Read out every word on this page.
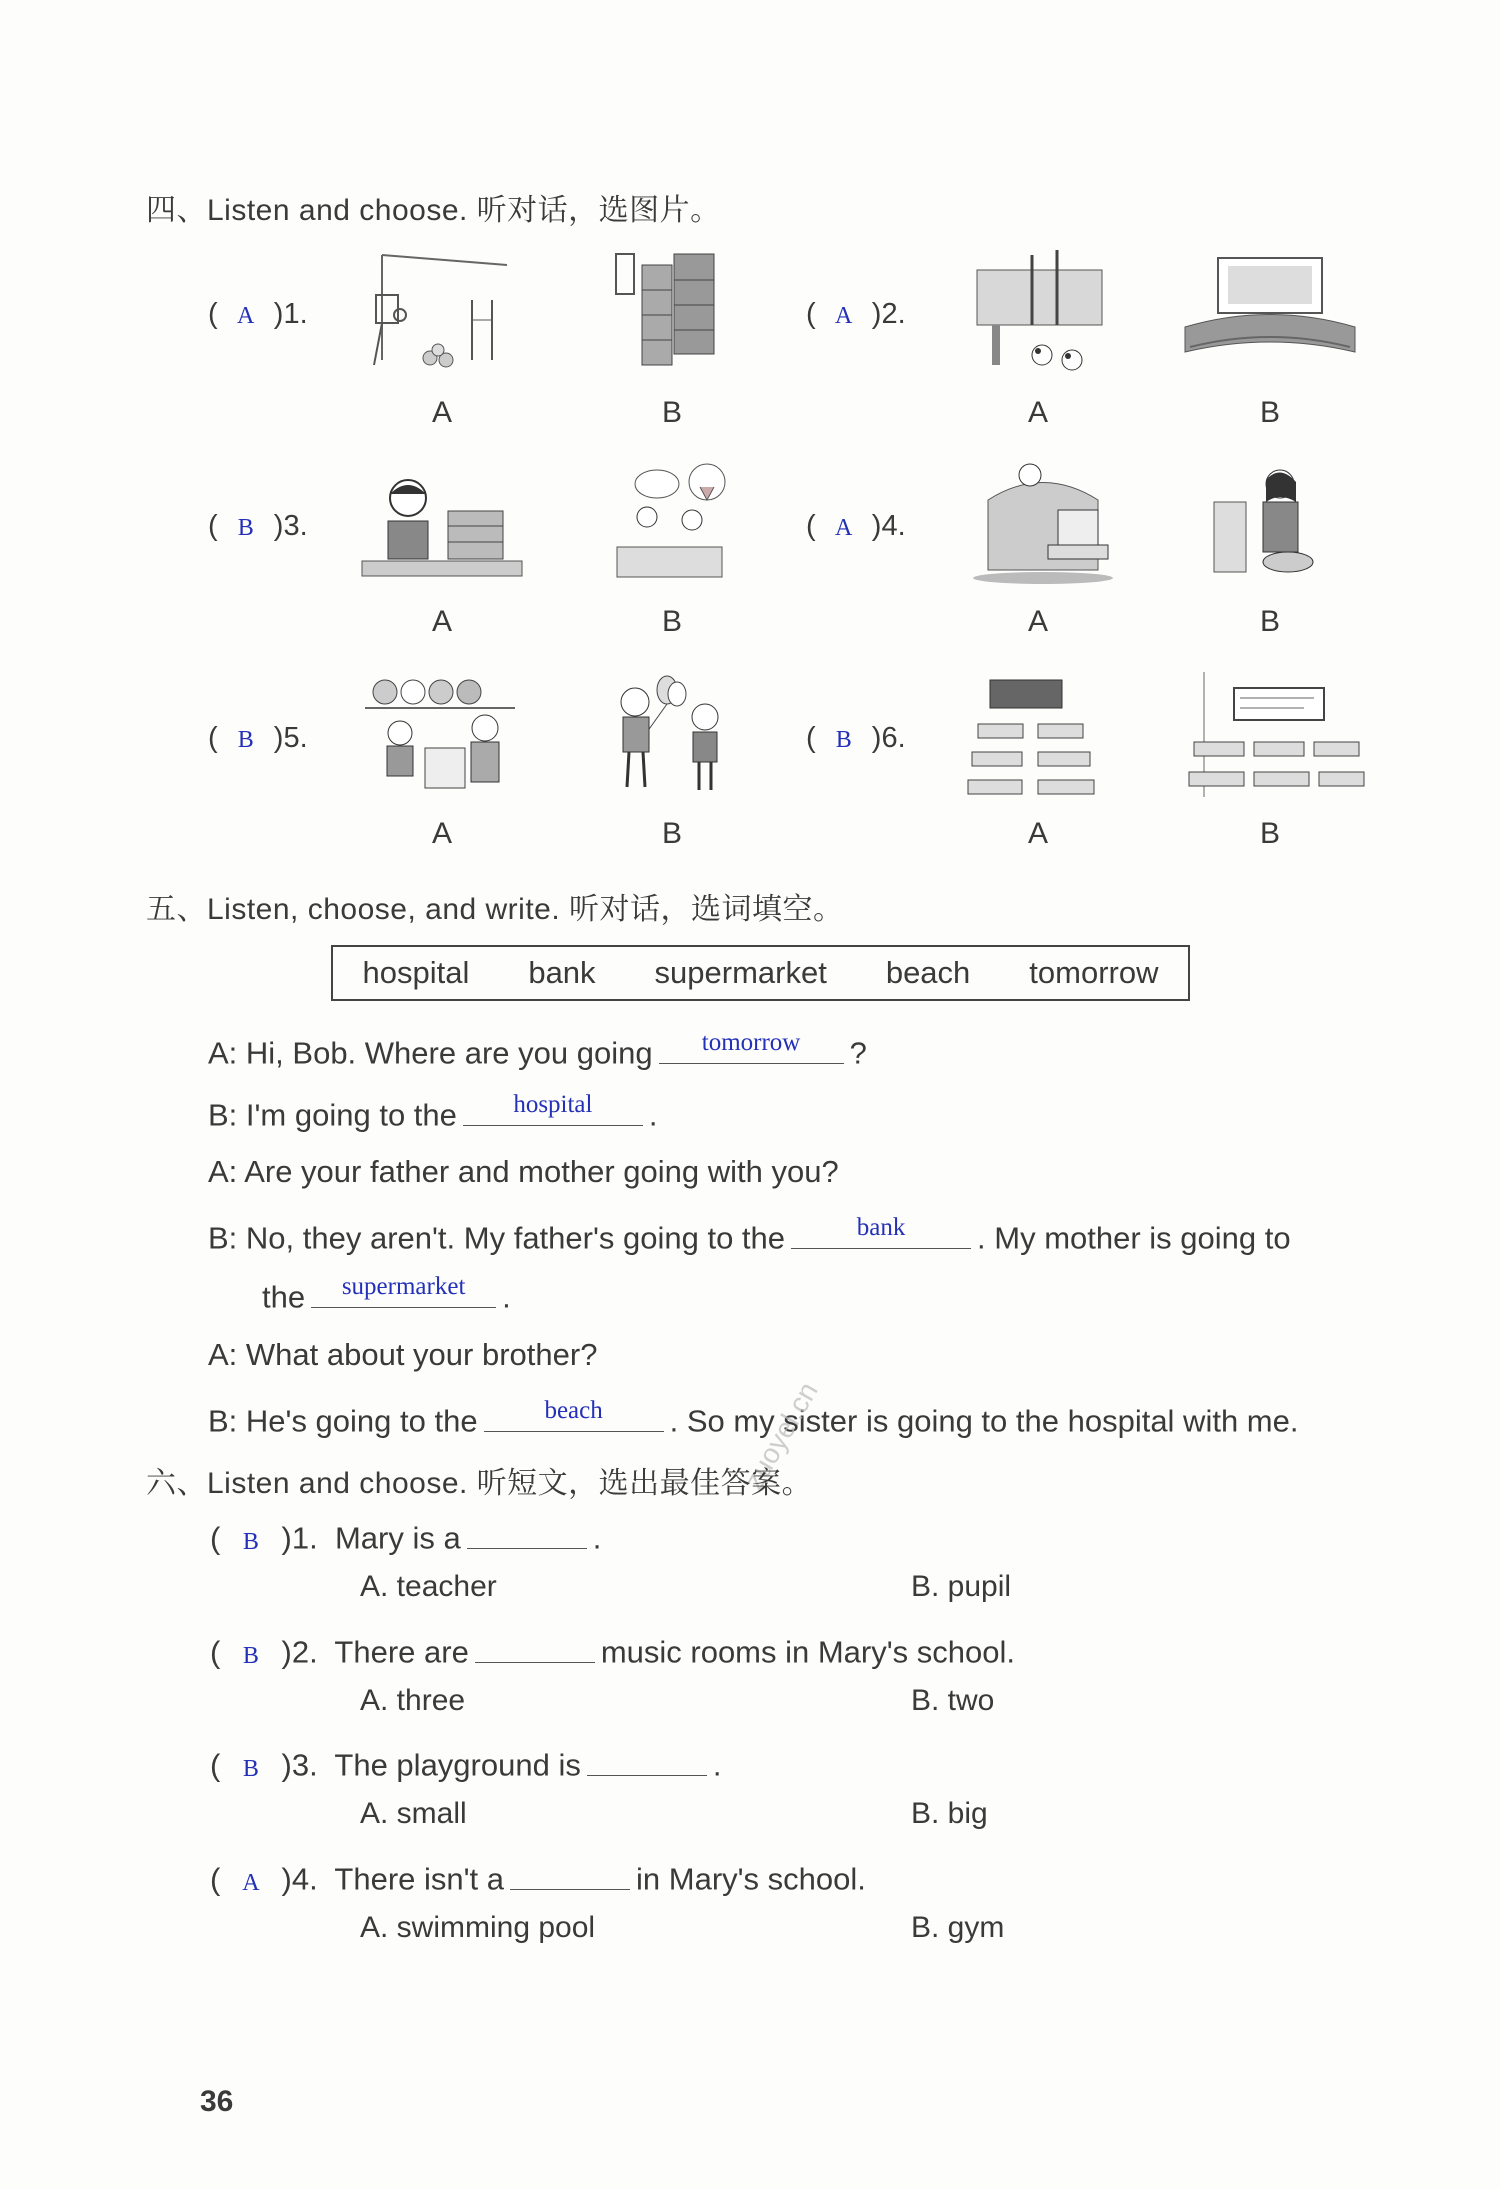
四、Listen and choose. 听对话，选图片。
( A )1.
A	B
( A )2.
A	B
( B )3.
A	B
( A )4.
A	B
( B )5.
A	B
( B )6.
A	B
五、Listen, choose, and write. 听对话，选词填空。
hospital bank supermarket beach tomorrow
A: Hi, Bob. Where are you going	tomorrow	?
B: I'm going to the	hospital	.
A: Are your father and mother going with you?
B: No, they aren't. My father's going to the	bank	. My mother is going to
the	supermarket	.
A: What about your brother?
B: He's going to the	beach	. So my sister is going to the hospital with me.
zuoyel.cn
六、Listen and choose. 听短文，选出最佳答案。
( B )1. Mary is a	.
A. teacher	B. pupil
( B )2. There are	music rooms in Mary's school.
A. three	B. two
( B )3. The playground is	.
A. small	B. big
( A )4. There isn't a	in Mary's school.
A. swimming pool	B. gym
36
